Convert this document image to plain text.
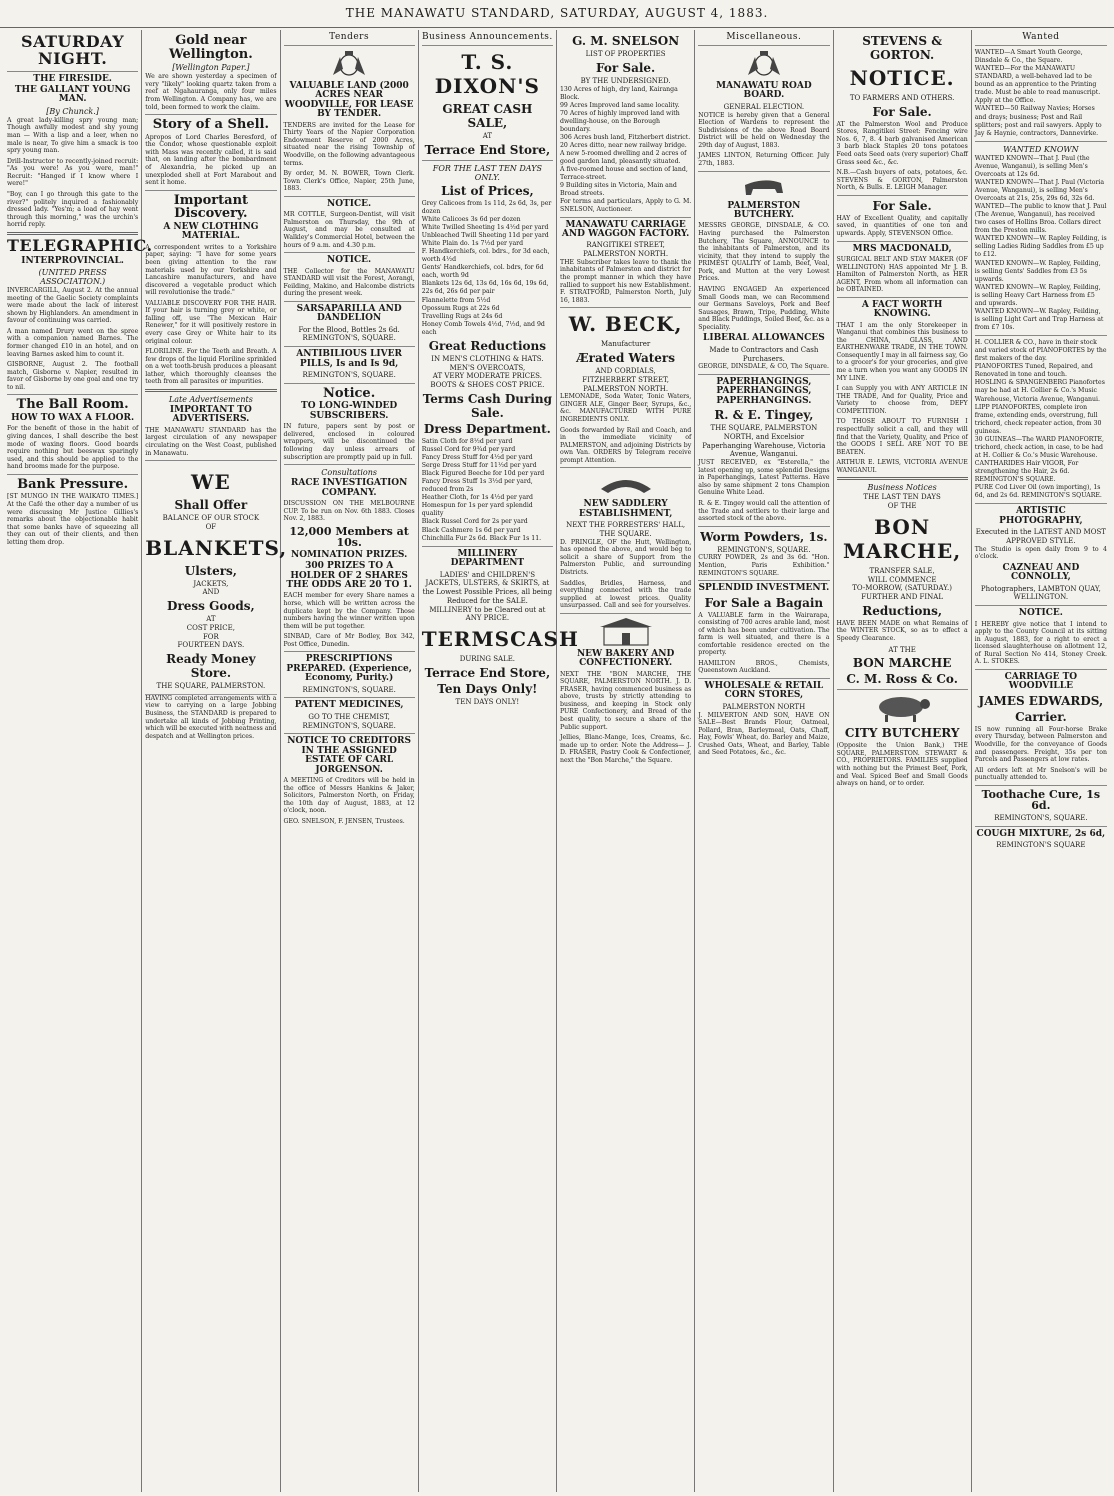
THE MANAWATU STANDARD, SATURDAY, AUGUST 4, 1883.
SATURDAY NIGHT.
THE FIRESIDE.
THE GALLANT YOUNG MAN.
[By Chunck.]

A great lady-killing spry young man; Though awfully modest and shy young man — With a lisp and a leer, when no male is near, To give him a smack is too spry young man.

Drill-Instructor to recently-joined recruit: "As you were! As you were, man!" Recruit: "Hanged if I know where I were!"

"Boy, can I go through this gate to the river?" politely inquired a fashionably dressed lady. "Yes'm; a load of hay went through this morning," was the urchin's horrid reply.

TELEGRAPHIC.
INTERPROVINCIAL.
(UNITED PRESS ASSOCIATION.)

INVERCARGILL, August 2. At the annual meeting of the Gaelic Society complaints were made about the lack of interest shown by Highlanders. An amendment in favour of continuing was carried.

A man named Drury went on the spree with a companion named Barnes. The former changed £10 in an hotel, and on leaving Barnes asked him to count it.

GISBORNE, August 2. The football match, Gisborne v. Napier, resulted in favor of Gisborne by one goal and one try to nil.

The Ball Room.
HOW TO WAX A FLOOR.

For the benefit of those in the habit of giving dances, I shall describe the best mode of waxing floors. Good boards require nothing but beeswax sparingly used, and this should be applied to the hand brooms made for the purpose.

Bank Pressure.

[ST MUNGO IN THE WAIKATO TIMES.] At the Café the other day a number of us were discussing Mr Justice Gillies's remarks about the objectionable habit that some banks have of squeezing all they can out of their clients, and then letting them drop.

Gold near Wellington.
[Wellington Paper.]

We are shown yesterday a specimen of very "likely" looking quartz taken from a reef at Ngahauranga, only four miles from Wellington. A Company has, we are told, been formed to work the claim.

Story of a Shell.

Apropos of Lord Charles Beresford, of the Condor, whose questionable exploit with Mass was recently called, it is said that, on landing after the bombardment of Alexandria, he picked up an unexploded shell at Fort Marabout and sent it home.

Important Discovery.
A NEW CLOTHING MATERIAL.

A correspondent writes to a Yorkshire paper, saying: "I have for some years been giving attention to the raw materials used by our Yorkshire and Lancashire manufacturers, and have discovered a vegetable product which will revolutionise the trade."

VALUABLE DISCOVERY FOR THE HAIR. If your hair is turning grey or white, or falling off, use "The Mexican Hair Renewer," for it will positively restore in every case Grey or White hair to its original colour.

FLORILINE. For the Teeth and Breath. A few drops of the liquid Floriline sprinkled on a wet tooth-brush produces a pleasant lather, which thoroughly cleanses the teeth from all parasites or impurities.

Late Advertisements
IMPORTANT TO ADVERTISERS.

THE MANAWATU STANDARD has the largest circulation of any newspaper circulating on the West Coast, published in Manawatu.

WE
Shall Offer
BALANCE OF OUR STOCK
OF
BLANKETS,
Ulsters,
JACKETS,
AND
Dress Goods,
AT
COST PRICE,
FOR
FOURTEEN DAYS.
Ready Money Store.
THE SQUARE, PALMERSTON.

HAVING completed arrangements with a view to carrying on a large Jobbing Business, the STANDARD is prepared to undertake all kinds of Jobbing Printing, which will be executed with neatness and despatch and at Wellington prices.

Tenders
VALUABLE LAND (2000 ACRES NEAR WOODVILLE, FOR LEASE BY TENDER.

TENDERS are invited for the Lease for Thirty Years of the Napier Corporation Endowment Reserve of 2000 Acres, situated near the rising Township of Woodville, on the following advantageous terms.

By order, M. N. BOWER, Town Clerk. Town Clerk's Office, Napier, 25th June, 1883.

NOTICE.

MR COTTLE, Surgeon-Dentist, will visit Palmerston on Thursday, the 9th of August, and may be consulted at Walkley's Commercial Hotel, between the hours of 9 a.m. and 4.30 p.m.

NOTICE.

THE Collector for the MANAWATU STANDARD will visit the Forest, Aorangi, Feilding, Makino, and Halcombe districts during the present week.

SARSAPARILLA AND DANDELION
For the Blood, Bottles 2s 6d. REMINGTON'S, SQUARE.
ANTIBILIOUS LIVER PILLS, Is and Is 9d,
REMINGTON'S, SQUARE.
Notice.
TO LONG-WINDED SUBSCRIBERS.

IN future, papers sent by post or delivered, enclosed in coloured wrappers, will be discontinued the following day unless arrears of subscription are promptly paid up in full.

Consultations
RACE INVESTIGATION COMPANY.

DISCUSSION ON THE MELBOURNE CUP. To be run on Nov. 6th 1883. Closes Nov. 2, 1883.

12,000 Members at 10s.
NOMINATION PRIZES.
300 PRIZES TO A HOLDER OF 2 SHARES THE ODDS ARE 20 TO 1.

EACH member for every Share names a horse, which will be written across the duplicate kept by the Company. Those numbers having the winner written upon them will be put together.

SINBAD, Care of Mr Bodley, Box 342, Post Office, Dunedin.

PRESCRIPTIONS PREPARED. (Experience, Economy, Purity.)
REMINGTON'S, SQUARE.
PATENT MEDICINES,
GO TO THE CHEMIST, REMINGTON'S, SQUARE.
NOTICE TO CREDITORS IN THE ASSIGNED ESTATE OF CARL JORGENSON.

A MEETING of Creditors will be held in the office of Messrs Hankins & Jaker, Solicitors, Palmerston North, on Friday, the 10th day of August, 1883, at 12 o'clock, noon.

GEO. SNELSON, F. JENSEN, Trustees.

Business Announcements.
T. S. DIXON'S
GREAT CASH SALE,
AT
Terrace End Store,
FOR THE LAST TEN DAYS ONLY.
List of Prices,
Grey Calicoes from 1s 11d, 2s 6d, 3s, per dozen
White Calicoes 3s 6d per dozen
White Twilled Sheeting 1s 4½d per yard
Unbleached Twill Sheeting 11d per yard
White Plain do. 1s 7½d per yard
F. Handkerchiefs, col. bdrs., for 3d each, worth 4½d
Gents' Handkerchiefs, col. bdrs, for 6d each, worth 9d
Blankets 12s 6d, 13s 6d, 16s 6d, 19s 6d, 22s 6d, 26s 6d per pair
Flannelette from 5½d
Opossum Rugs at 22s 6d
Travelling Rugs at 24s 6d
Honey Comb Towels 4½d, 7½d, and 9d each
Great Reductions
IN MEN'S CLOTHING & HATS.
MEN'S OVERCOATS,
AT VERY MODERATE PRICES.
BOOTS & SHOES COST PRICE.
Terms Cash During Sale.
Dress Department.
Satin Cloth for 8½d per yard
Russel Cord for 9¾d per yard
Fancy Dress Stuff for 4½d per yard
Serge Dress Stuff for 11½d per yard
Black Figured Beeche for 10d per yard
Fancy Dress Stuff 1s 3½d per yard, reduced from 2s
Heather Cloth, for 1s 4½d per yard
Homespun for 1s per yard splendid quality
Black Russel Cord for 2s per yard
Black Cashmere 1s 6d per yard
Chinchilla Fur 2s 6d. Black Fur 1s 11.
MILLINERY DEPARTMENT
LADIES' and CHILDREN'S JACKETS, ULSTERS, & SKIRTS, at the Lowest Possible Prices, all being Reduced for the SALE.
MILLINERY to be Cleared out at ANY PRICE.
TERMSCASH
DURING SALE.
Terrace End Store,
Ten Days Only!
TEN DAYS ONLY!
G. M. SNELSON
LIST OF PROPERTIES
For Sale.
BY THE UNDERSIGNED.
130 Acres of high, dry land, Kairanga Block.
99 Acres Improved land same locality.
70 Acres of highly improved land with dwelling-house, on the Borough boundary.
306 Acres bush land, Fitzherbert district.
20 Acres ditto, near new railway bridge.
A new 5-roomed dwelling and 2 acres of good garden land, pleasantly situated.
A five-roomed house and section of land, Terrace-street.
9 Building sites in Victoria, Main and Broad streets.

For terms and particulars, Apply to G. M. SNELSON, Auctioneer.

MANAWATU CARRIAGE AND WAGGON FACTORY.
RANGITIKEI STREET, PALMERSTON NORTH.

THE Subscriber takes leave to thank the inhabitants of Palmerston and district for the prompt manner in which they have rallied to support his new Establishment. F. STRATFORD, Palmerston North, July 16, 1883.

W. BECK,
Manufacturer
Ærated Waters
AND CORDIALS,
FITZHERBERT STREET,
PALMERSTON NORTH.

LEMONADE, Soda Water, Tonic Waters, GINGER ALE, Ginger Beer, Syrups, &c., &c. MANUFACTURED WITH PURE INGREDIENTS ONLY.

Goods forwarded by Rail and Coach, and in the immediate vicinity of PALMERSTON, and adjoining Districts by own Van. ORDERS by Telegram receive prompt Attention.

NEW SADDLERY ESTABLISHMENT,
NEXT THE FORRESTERS' HALL, THE SQUARE.

D. PRINGLE, OF the Hutt, Wellington, has opened the above, and would beg to solicit a share of Support from the Palmerston Public, and surrounding Districts.

Saddles, Bridles, Harness, and everything connected with the trade supplied at lowest prices. Quality unsurpassed. Call and see for yourselves.

NEW BAKERY AND CONFECTIONERY.

NEXT THE "BON MARCHE, THE SQUARE, PALMERSTON NORTH. J. D. FRASER, having commenced business as above, trusts by strictly attending to business, and keeping in Stock only PURE Confectionery, and Bread of the best quality, to secure a share of the Public support.

Jellies, Blanc-Mange, Ices, Creams, &c. made up to order. Note the Address— J. D. FRASER, Pastry Cook & Confectioner, next the "Bon Marche," the Square.

Miscellaneous.
MANAWATU ROAD BOARD.
GENERAL ELECTION.

NOTICE is hereby given that a General Election of Wardens to represent the Subdivisions of the above Road Board District will be held on Wednesday the 29th day of August, 1883.

JAMES LINTON, Returning Officer. July 27th, 1883.

PALMERSTON BUTCHERY.

MESSRS GEORGE, DINSDALE, & CO. Having purchased the Palmerston Butchery, The Square, ANNOUNCE to the inhabitants of Palmerston, and its vicinity, that they intend to supply the PRIMEST QUALITY of Lamb, Beef, Veal, Pork, and Mutton at the very Lowest Prices.

HAVING ENGAGED An experienced Small Goods man, we can Recommend our Germans Saveloys, Pork and Beef Sausages, Brawn, Tripe, Pudding, White and Black Puddings, Soiled Beef, &c. as a Speciality.

LIBERAL ALLOWANCES
Made to Contractors and Cash Purchasers.

GEORGE, DINSDALE, & CO, The Square.

PAPERHANGINGS, PAPERHANGINGS, PAPERHANGINGS.
R. & E. Tingey,
THE SQUARE, PALMERSTON NORTH, and Excelsior Paperhanging Warehouse, Victoria Avenue, Wanganui.

JUST RECEIVED, ex "Esterella," the latest opening up, some splendid Designs in Paperhangings, Latest Patterns. Have also by same shipment 2 tons Champion Genuine White Lead.

R. & E. Tingey would call the attention of the Trade and settlers to their large and assorted stock of the above.

Worm Powders, 1s.
REMINGTON'S, SQUARE.

CURRY POWDER, 2s and 3s 6d. "Hon. Mention, Paris Exhibition." REMINGTON'S SQUARE.

SPLENDID INVESTMENT.
For Sale a Bagain

A VALUABLE farm in the Wairarapa, consisting of 700 acres arable land, most of which has been under cultivation. The farm is well situated, and there is a comfortable residence erected on the property.

HAMILTON BROS., Chemists, Queenstown Auckland.

WHOLESALE & RETAIL CORN STORES,
PALMERSTON NORTH

J. MILVERTON AND SON, HAVE ON SALE—Best Brands Flour, Oatmeal, Pollard, Bran, Barleymeal, Oats, Chaff, Hay, Fowls' Wheat, do. Barley and Maize, Crushed Oats, Wheat, and Barley, Table and Seed Potatoes, &c., &c.

STEVENS & GORTON.
NOTICE.
TO FARMERS AND OTHERS.
For Sale.

AT the Palmerston Wool and Produce Stores, Rangitikei Street: Fencing wire Nos. 6, 7, 8. 4 barb galvanised American 3 barb black Staples 20 tons potatoes Feed oats Seed oats (very superior) Chaff Grass seed &c., &c.

N.B.—Cash buyers of oats, potatoes, &c. STEVENS & GORTON, Palmerston North, & Bulls. E. LEIGH Manager.

For Sale.

HAY of Excellent Quality, and capitally saved, in quantities of one ton and upwards. Apply, STEVENSON Office.

MRS MACDONALD,

SURGICAL BELT AND STAY MAKER (OF WELLINGTON) HAS appointed Mr J. B. Hamilton of Palmerston North, as HER AGENT, From whom all information can be OBTAINED.

A FACT WORTH KNOWING.

THAT I am the only Storekeeper in Wanganui that combines this business to the CHINA, GLASS, AND EARTHENWARE TRADE, IN THE TOWN. Consequently I may in all fairness say, Go to a grocer's for your groceries, and give me a turn when you want any GOODS IN MY LINE.

I can Supply you with ANY ARTICLE IN THE TRADE, And for Quality, Price and Variety to choose from, DEFY COMPETITION.

TO THOSE ABOUT TO FURNISH I respectfully solicit a call, and they will find that the Variety, Quality, and Price of the GOODS I SELL ARE NOT TO BE BEATEN.

ARTHUR E. LEWIS, VICTORIA AVENUE WANGANUI.

Business Notices
THE LAST TEN DAYS
OF THE
BON MARCHE,
TRANSFER SALE,
WILL COMMENCE
TO-MORROW, (SATURDAY.)
FURTHER AND FINAL
Reductions,

HAVE BEEN MADE on what Remains of the WINTER STOCK, so as to effect a Speedy Clearance.

AT THE
BON MARCHE
C. M. Ross & Co.
CITY BUTCHERY

(Opposite the Union Bank,) THE SQUARE, PALMERSTON. STEWART & CO., PROPRIETORS. FAMILIES supplied with nothing but the Primest Beef, Pork, and Veal. Spiced Beef and Small Goods always on hand, or to order.

Wanted
WANTED—A Smart Youth George, Dinsdale & Co., the Square.
WANTED—For the MANAWATU STANDARD, a well-behaved lad to be bound as an apprentice to the Printing trade. Must be able to read manuscript. Apply at the Office.
WANTED—50 Railway Navies; Horses and drays; business; Post and Rail splitters; post and rail sawyers. Apply to Jay & Haynie, contractors, Dannevirke.
WANTED KNOWN
WANTED KNOWN—That J. Paul (the Avenue, Wanganui), is selling Men's Overcoats at 12s 6d.
WANTED KNOWN—That J. Paul (Victoria Avenue, Wanganui), is selling Men's Overcoats at 21s, 25s, 29s 6d, 32s 6d.
WANTED—The public to know that J. Paul (The Avenue, Wanganui), has received two cases of Hollins Broa. Collars direct from the Preston mills.
WANTED KNOWN—W. Rapley Feilding, is selling Ladies Riding Saddles from £5 up to £12.
WANTED KNOWN—W. Rapley, Feilding, is selling Gents' Saddles from £3 5s upwards.
WANTED KNOWN—W. Rapley, Feilding, is selling Heavy Cart Harness from £5 and upwards.
WANTED KNOWN—W. Rapley, Feilding, is selling Light Cart and Trap Harness at from £7 10s.
H. COLLIER & CO., have in their stock and varied stock of PIANOFORTES by the first makers of the day.
PIANOFORTES Tuned, Repaired, and Renovated in tone and touch.
HOSLING & SPANGENBERG Pianofortes may be had at H. Collier & Co.'s Music Warehouse, Victoria Avenue, Wanganui.
LIPP PIANOFORTES, complete iron frame, extending ends, overstrung, full trichord, check repeater action, from 30 guineas.
30 GUINEAS—The WARD PIANOFORTE, trichord, check action, in case, to be had at H. Collier & Co.'s Music Warehouse.
CANTHARIDES Hair VIGOR, For strengthening the Hair, 2s 6d. REMINGTON'S SQUARE.
PURE Cod Liver Oil (own importing), 1s 6d, and 2s 6d. REMINGTON'S SQUARE.
ARTISTIC PHOTOGRAPHY,
Executed in the LATEST AND MOST APPROVED STYLE.

The Studio is open daily from 9 to 4 o'clock.

CAZNEAU AND CONNOLLY,
Photographers, LAMBTON QUAY, WELLINGTON.
NOTICE.

I HEREBY give notice that I intend to apply to the County Council at its sitting in August, 1883, for a right to erect a licensed slaughterhouse on allotment 12, of Rural Section No 414, Stoney Creek. A. L. STOKES.

CARRIAGE TO WOODVILLE
JAMES EDWARDS,
Carrier.

IS now running all Four-horse Brake every Thursday, between Palmerston and Woodville, for the conveyance of Goods and passengers. Freight, 35s per ton Parcels and Passengers at low rates.

All orders left at Mr Snelson's will be punctually attended to.

Toothache Cure, 1s 6d.
REMINGTON'S, SQUARE.
COUGH MIXTURE, 2s 6d,
REMINGTON'S SQUARE
